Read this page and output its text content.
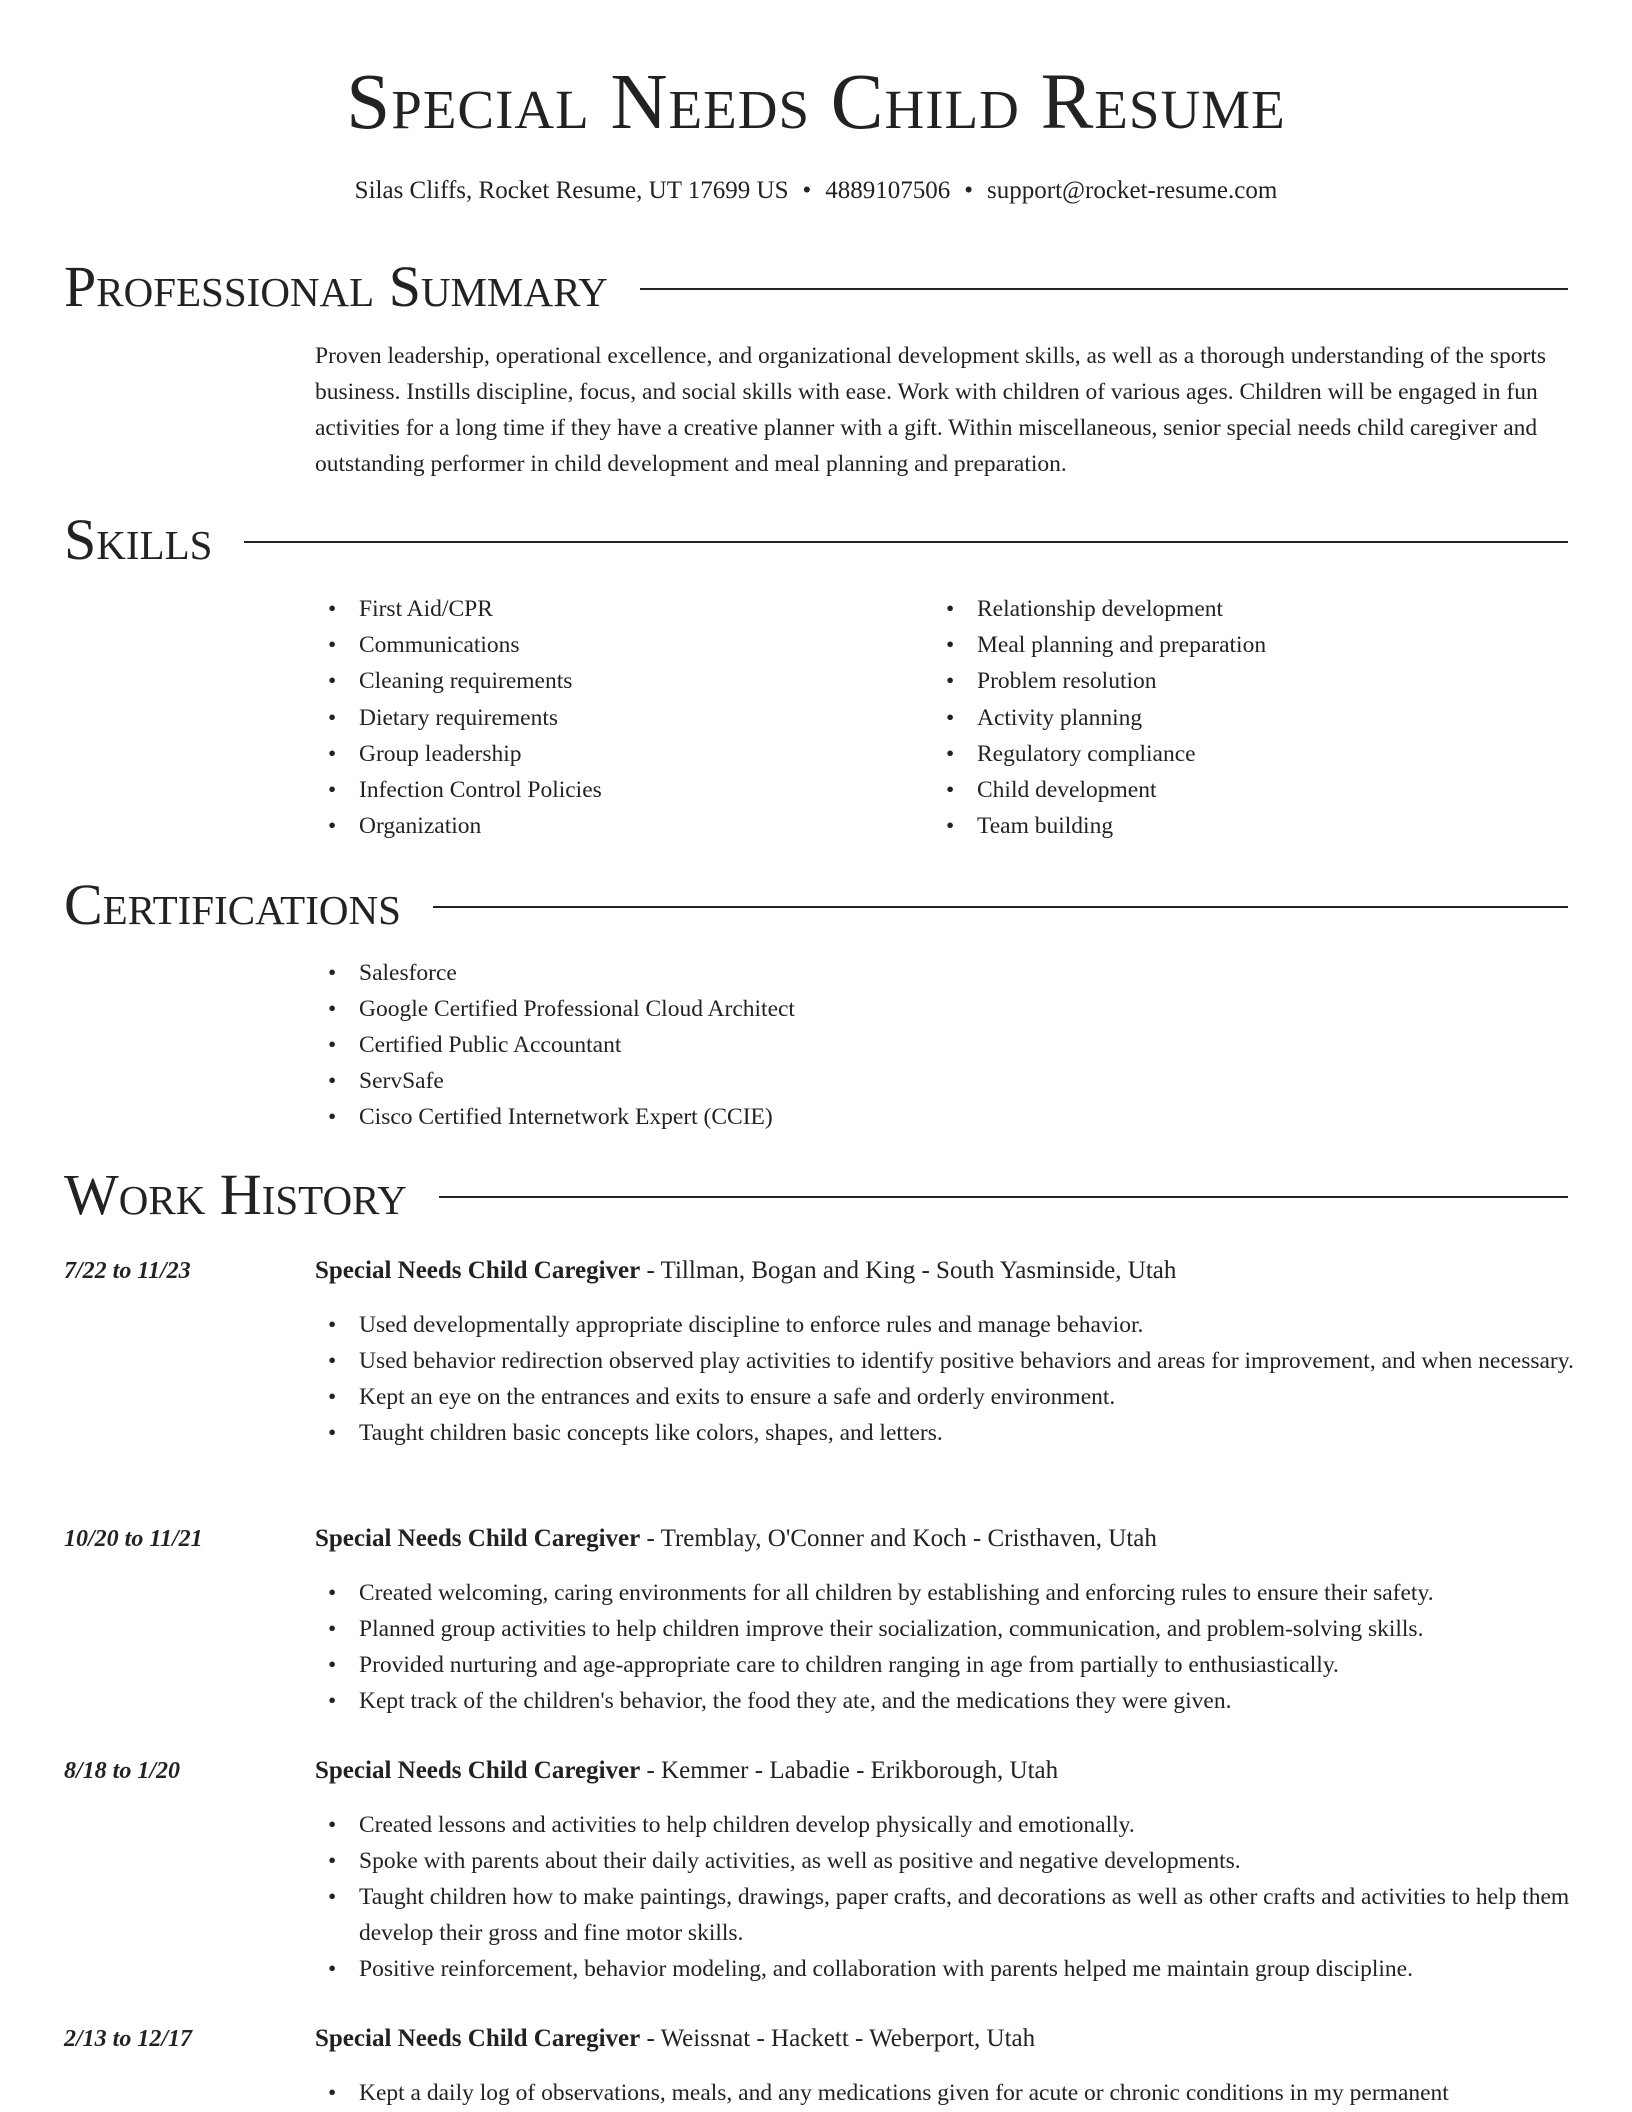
Special Needs Child Resume
Silas Cliffs, Rocket Resume, UT 17699 US • 4889107506 • support@rocket-resume.com
Professional Summary

Proven leadership, operational excellence, and organizational development skills, as well as a thorough understanding of the sports business. Instills discipline, focus, and social skills with ease. Work with children of various ages. Children will be engaged in fun activities for a long time if they have a creative planner with a gift. Within miscellaneous, senior special needs child caregiver and outstanding performer in child development and meal planning and preparation.

Skills
• First Aid/CPR
• Communications
• Cleaning requirements
• Dietary requirements
• Group leadership
• Infection Control Policies
• Organization
• Relationship development
• Meal planning and preparation
• Problem resolution
• Activity planning
• Regulatory compliance
• Child development
• Team building
Certifications
• Salesforce
• Google Certified Professional Cloud Architect
• Certified Public Accountant
• ServSafe
• Cisco Certified Internetwork Expert (CCIE)
Work History
7/22 to 11/23	Special Needs Child Caregiver - Tillman, Bogan and King - South Yasminside, Utah
• Used developmentally appropriate discipline to enforce rules and manage behavior.
• Used behavior redirection observed play activities to identify positive behaviors and areas for improvement, and when necessary.
• Kept an eye on the entrances and exits to ensure a safe and orderly environment.
• Taught children basic concepts like colors, shapes, and letters.
10/20 to 11/21	Special Needs Child Caregiver - Tremblay, O'Conner and Koch - Cristhaven, Utah
• Created welcoming, caring environments for all children by establishing and enforcing rules to ensure their safety.
• Planned group activities to help children improve their socialization, communication, and problem-solving skills.
• Provided nurturing and age-appropriate care to children ranging in age from partially to enthusiastically.
• Kept track of the children's behavior, the food they ate, and the medications they were given.
8/18 to 1/20	Special Needs Child Caregiver - Kemmer - Labadie - Erikborough, Utah
• Created lessons and activities to help children develop physically and emotionally.
• Spoke with parents about their daily activities, as well as positive and negative developments.
• Taught children how to make paintings, drawings, paper crafts, and decorations as well as other crafts and activities to help them develop their gross and fine motor skills.
• Positive reinforcement, behavior modeling, and collaboration with parents helped me maintain group discipline.
2/13 to 12/17	Special Needs Child Caregiver - Weissnat - Hackett - Weberport, Utah
• Kept a daily log of observations, meals, and any medications given for acute or chronic conditions in my permanent
